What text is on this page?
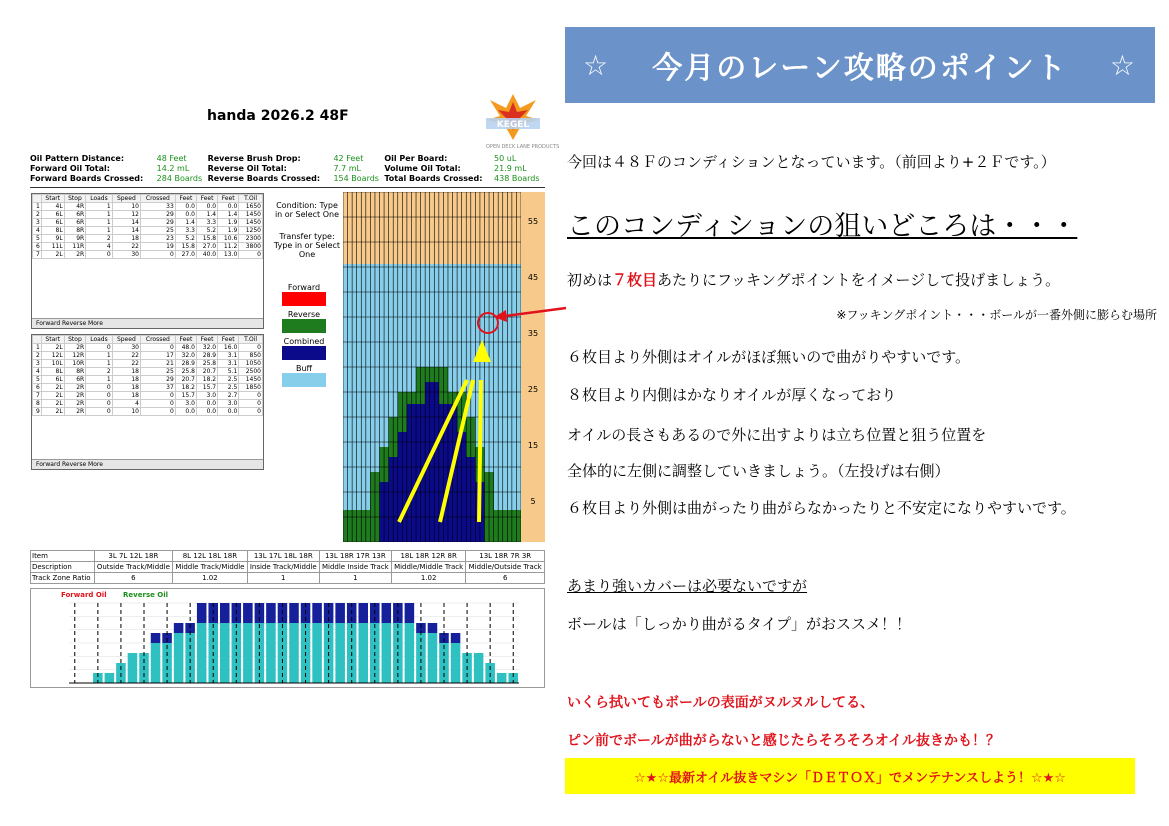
handa 2026.2 48F
KEGEL
OPEN DECK LANE PRODUCTS
Oil Pattern Distance:	48 Feet	Reverse Brush Drop:	42 Feet	Oil Per Board:	50 uL
Forward Oil Total:	14.2 mL	Reverse Oil Total:	7.7 mL	Volume Oil Total:	21.9 mL
Forward Boards Crossed:	284 Boards	Reverse Boards Crossed:	154 Boards	Total Boards Crossed:	438 Boards
	Start	Stop	Loads	Speed	Crossed	Feet	Feet	Feet	T.Oil
1	4L	4R	1	10	33	0.0	0.0	0.0	1650
2	6L	6R	1	12	29	0.0	1.4	1.4	1450
3	6L	6R	1	14	29	1.4	3.3	1.9	1450
4	8L	8R	1	14	25	3.3	5.2	1.9	1250
5	9L	9R	2	18	23	5.2	15.8	10.6	2300
6	11L	11R	4	22	19	15.8	27.0	11.2	3800
7	2L	2R	0	30	0	27.0	40.0	13.0	0
Forward Reverse More
	Start	Stop	Loads	Speed	Crossed	Feet	Feet	Feet	T.Oil
1	2L	2R	0	30	0	48.0	32.0	16.0	0
2	12L	12R	1	22	17	32.0	28.9	3.1	850
3	10L	10R	1	22	21	28.9	25.8	3.1	1050
4	8L	8R	2	18	25	25.8	20.7	5.1	2500
5	6L	6R	1	18	29	20.7	18.2	2.5	1450
6	2L	2R	0	18	37	18.2	15.7	2.5	1850
7	2L	2R	0	18	0	15.7	3.0	2.7	0
8	2L	2R	0	4	0	3.0	0.0	3.0	0
9	2L	2R	0	10	0	0.0	0.0	0.0	0
Forward Reverse More
Condition: Type in or Select One
Transfer type: Type in or Select One
Forward
Reverse
Combined
Buff
55
45
35
25
15
5
Item	3L 7L 12L 18R	8L 12L 18L 18R	13L 17L 18L 18R	13L 18R 17R 13R	18L 18R 12R 8R	13L 18R 7R 3R
Description	Outside Track/Middle	Middle Track/Middle	Inside Track/Middle	Middle Inside Track	Middle/Middle Track	Middle/Outside Track
Track Zone Ratio	6	1.02	1	1	1.02	6
Forward Oil Reverse Oil
☆ 今月のレーン攻略のポイント ☆
今回は４８Ｆのコンディションとなっています。（前回より+２Ｆです。）
このコンディションの狙いどころは・・・
初めは７枚目あたりにフッキングポイントをイメージして投げましょう。
※フッキングポイント・・・ボールが一番外側に膨らむ場所
６枚目より外側はオイルがほぼ無いので曲がりやすいです。
８枚目より内側はかなりオイルが厚くなっており
オイルの長さもあるので外に出すよりは立ち位置と狙う位置を
全体的に左側に調整していきましょう。（左投げは右側）
６枚目より外側は曲がったり曲がらなかったりと不安定になりやすいです。
あまり強いカバーは必要ないですが
ボールは「しっかり曲がるタイプ」がおススメ！！
いくら拭いてもボールの表面がヌルヌルしてる、
ピン前でボールが曲がらないと感じたらそろそろオイル抜きかも！？
☆★☆最新オイル抜きマシン「ＤＥＴＯＸ」でメンテナンスしよう！☆★☆
